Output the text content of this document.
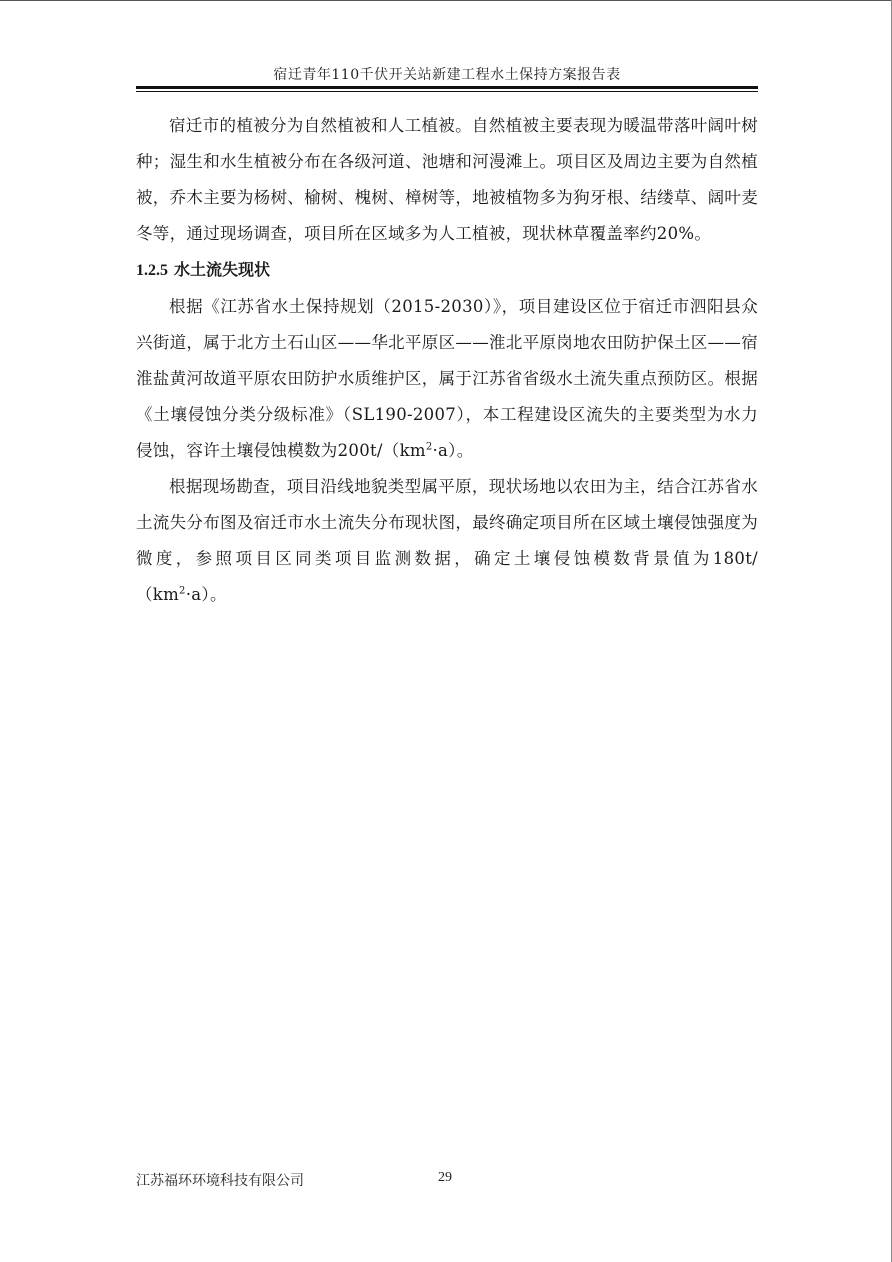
宿迁青年110千伏开关站新建工程水土保持方案报告表

宿迁市的植被分为自然植被和人工植被。自然植被主要表现为暖温带落叶阔叶树种；湿生和水生植被分布在各级河道、池塘和河漫滩上。项目区及周边主要为自然植被，乔木主要为杨树、榆树、槐树、樟树等，地被植物多为狗牙根、结缕草、阔叶麦冬等，通过现场调查，项目所在区域多为人工植被，现状林草覆盖率约20%。

1.2.5 水土流失现状

根据《江苏省水土保持规划（2015-2030）》，项目建设区位于宿迁市泗阳县众兴街道，属于北方土石山区——华北平原区——淮北平原岗地农田防护保土区——宿淮盐黄河故道平原农田防护水质维护区，属于江苏省省级水土流失重点预防区。根据《土壤侵蚀分类分级标准》（SL190-2007），本工程建设区流失的主要类型为水力侵蚀，容许土壤侵蚀模数为$200t/(km^2\cdot a)$。

根据现场勘查，项目沿线地貌类型属平原，现状场地以农田为主，结合江苏省水土流失分布图及宿迁市水土流失分布现状图，最终确定项目所在区域土壤侵蚀强度为微度，参照项目区同类项目监测数据，确定土壤侵蚀模数背景值为$180t/(km^2\cdot a)$。

江苏福环环境科技有限公司	29
